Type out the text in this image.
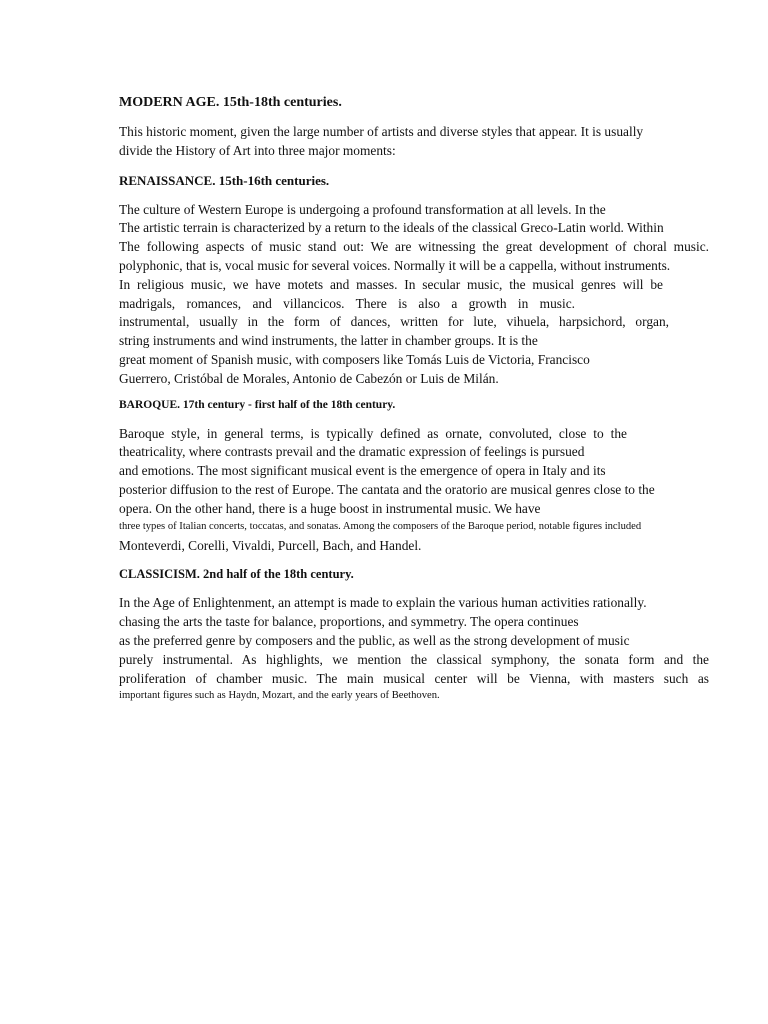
MODERN AGE. 15th-18th centuries.

This historic moment, given the large number of artists and diverse styles that appear. It is usually
divide the History of Art into three major moments:

RENAISSANCE. 15th-16th centuries.

The culture of Western Europe is undergoing a profound transformation at all levels. In the
The artistic terrain is characterized by a return to the ideals of the classical Greco-Latin world. Within
The following aspects of music stand out: We are witnessing the great development of choral music.
polyphonic, that is, vocal music for several voices. Normally it will be a cappella, without instruments.
In religious music, we have motets and masses. In secular music, the musical genres will be
madrigals, romances, and villancicos. There is also a growth in music.
instrumental, usually in the form of dances, written for lute, vihuela, harpsichord, organ,
string instruments and wind instruments, the latter in chamber groups. It is the
great moment of Spanish music, with composers like Tomás Luis de Victoria, Francisco
Guerrero, Cristóbal de Morales, Antonio de Cabezón or Luis de Milán.

BAROQUE. 17th century - first half of the 18th century.

Baroque style, in general terms, is typically defined as ornate, convoluted, close to the
theatricality, where contrasts prevail and the dramatic expression of feelings is pursued
and emotions. The most significant musical event is the emergence of opera in Italy and its
posterior diffusion to the rest of Europe. The cantata and the oratorio are musical genres close to the
opera. On the other hand, there is a huge boost in instrumental music. We have
three types of Italian concerts, toccatas, and sonatas. Among the composers of the Baroque period, notable figures included
Monteverdi, Corelli, Vivaldi, Purcell, Bach, and Handel.

CLASSICISM. 2nd half of the 18th century.

In the Age of Enlightenment, an attempt is made to explain the various human activities rationally.
chasing the arts the taste for balance, proportions, and symmetry. The opera continues
as the preferred genre by composers and the public, as well as the strong development of music
purely instrumental. As highlights, we mention the classical symphony, the sonata form and the
proliferation of chamber music. The main musical center will be Vienna, with masters such as
important figures such as Haydn, Mozart, and the early years of Beethoven.
